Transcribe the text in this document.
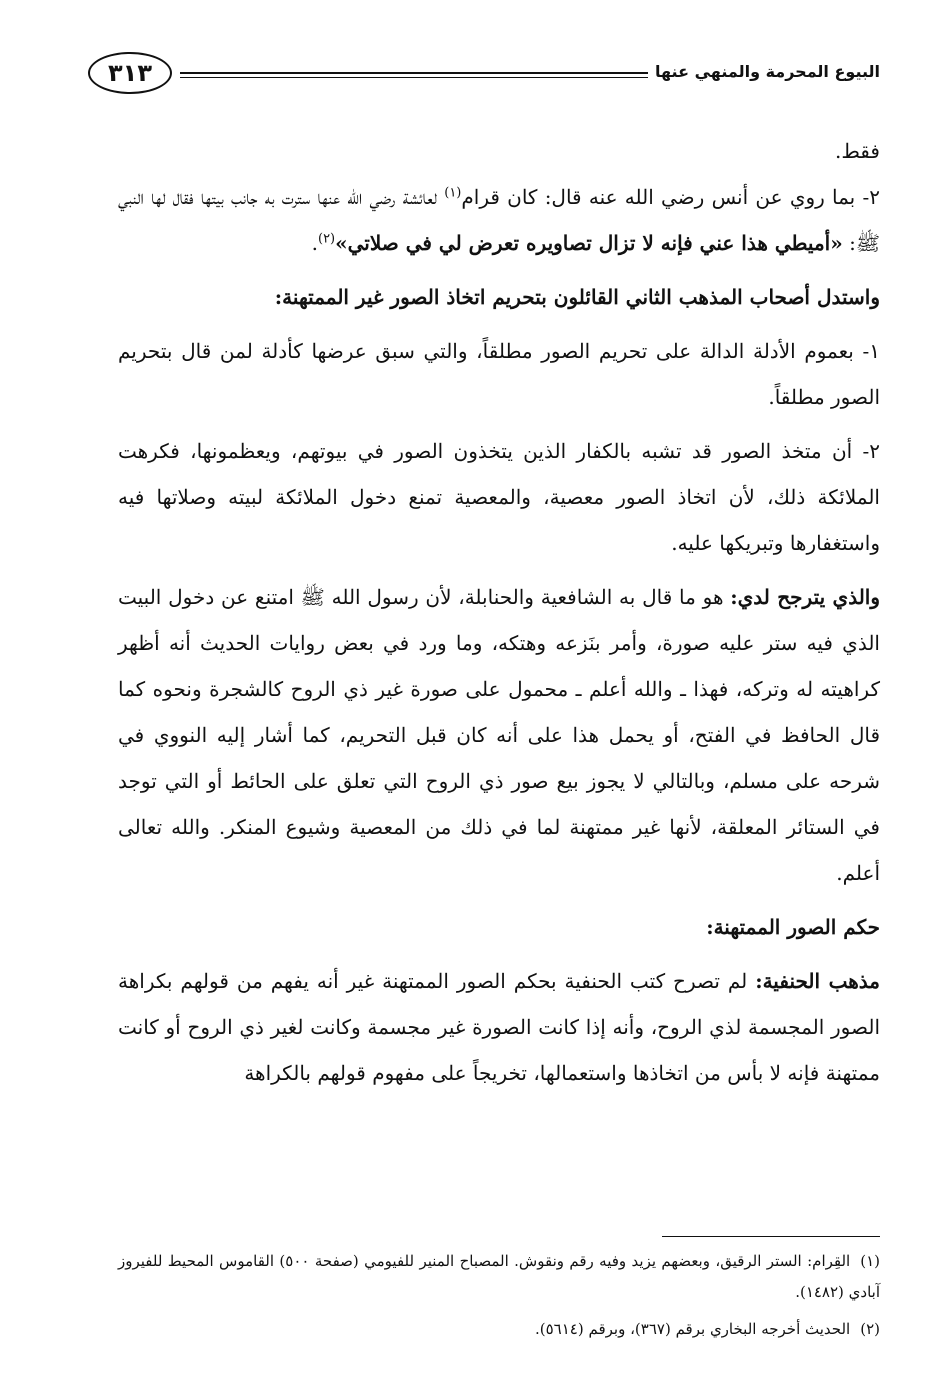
البيوع المحرمة والمنهي عنها
٣١٣

فقط.

٢- بما روي عن أنس رضي الله عنه قال: كان قرام$^{(١)}$ لعائشة رضي الله عنها سترت به جانب بيتها فقال لها النبي ﷺ: «أميطي هذا عني فإنه لا تزال تصاويره تعرض لي في صلاتي»$^{(٢)}$.

واستدل أصحاب المذهب الثاني القائلون بتحريم اتخاذ الصور غير الممتهنة:

١- بعموم الأدلة الدالة على تحريم الصور مطلقاً، والتي سبق عرضها كأدلة لمن قال بتحريم الصور مطلقاً.

٢- أن متخذ الصور قد تشبه بالكفار الذين يتخذون الصور في بيوتهم، ويعظمونها، فكرهت الملائكة ذلك، لأن اتخاذ الصور معصية، والمعصية تمنع دخول الملائكة لبيته وصلاتها فيه واستغفارها وتبريكها عليه.

والذي يترجح لدي: هو ما قال به الشافعية والحنابلة، لأن رسول الله ﷺ امتنع عن دخول البيت الذي فيه ستر عليه صورة، وأمر بنَزعه وهتكه، وما ورد في بعض روايات الحديث أنه أظهر كراهيته له وتركه، فهذا ـ والله أعلم ـ محمول على صورة غير ذي الروح كالشجرة ونحوه كما قال الحافظ في الفتح، أو يحمل هذا على أنه كان قبل التحريم، كما أشار إليه النووي في شرحه على مسلم، وبالتالي لا يجوز بيع صور ذي الروح التي تعلق على الحائط أو التي توجد في الستائر المعلقة، لأنها غير ممتهنة لما في ذلك من المعصية وشيوع المنكر. والله تعالى أعلم.

حكم الصور الممتهنة:

مذهب الحنفية: لم تصرح كتب الحنفية بحكم الصور الممتهنة غير أنه يفهم من قولهم بكراهة الصور المجسمة لذي الروح، وأنه إذا كانت الصورة غير مجسمة وكانت لغير ذي الروح أو كانت ممتهنة فإنه لا بأس من اتخاذها واستعمالها، تخريجاً على مفهوم قولهم بالكراهة

(١)القِرام: الستر الرقيق، وبعضهم يزيد وفيه رقم ونقوش. المصباح المنير للفيومي (صفحة ٥٠٠) القاموس المحيط للفيروز آبادي (١٤٨٢).

(٢)الحديث أخرجه البخاري برقم (٣٦٧)، وبرقم (٥٦١٤).
